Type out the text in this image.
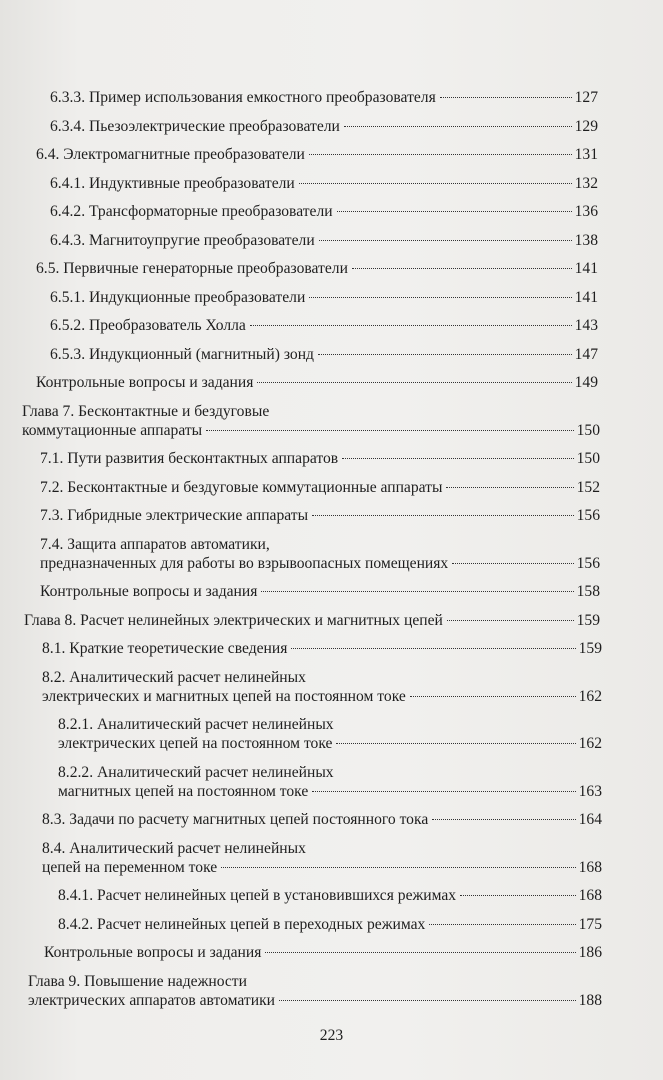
6.3.3. Пример использования емкостного преобразователя	127
6.3.4. Пьезоэлектрические преобразователи	129
6.4. Электромагнитные преобразователи	131
6.4.1. Индуктивные преобразователи	132
6.4.2. Трансформаторные преобразователи	136
6.4.3. Магнитоупругие преобразователи	138
6.5. Первичные генераторные преобразователи	141
6.5.1. Индукционные преобразователи	141
6.5.2. Преобразователь Холла	143
6.5.3. Индукционный (магнитный) зонд	147
Контрольные вопросы и задания	149
Глава 7. Бесконтактные и бездуговые
коммутационные аппараты	150
7.1. Пути развития бесконтактных аппаратов	150
7.2. Бесконтактные и бездуговые коммутационные аппараты	152
7.3. Гибридные электрические аппараты	156
7.4. Защита аппаратов автоматики,
предназначенных для работы во взрывоопасных помещениях	156
Контрольные вопросы и задания	158
Глава 8. Расчет нелинейных электрических и магнитных цепей	159
8.1. Краткие теоретические сведения	159
8.2. Аналитический расчет нелинейных
электрических и магнитных цепей на постоянном токе	162
8.2.1. Аналитический расчет нелинейных
электрических цепей на постоянном токе	162
8.2.2. Аналитический расчет нелинейных
магнитных цепей на постоянном токе	163
8.3. Задачи по расчету магнитных цепей постоянного тока	164
8.4. Аналитический расчет нелинейных
цепей на переменном токе	168
8.4.1. Расчет нелинейных цепей в установившихся режимах	168
8.4.2. Расчет нелинейных цепей в переходных режимах	175
Контрольные вопросы и задания	186
Глава 9. Повышение надежности
электрических аппаратов автоматики	188
223
